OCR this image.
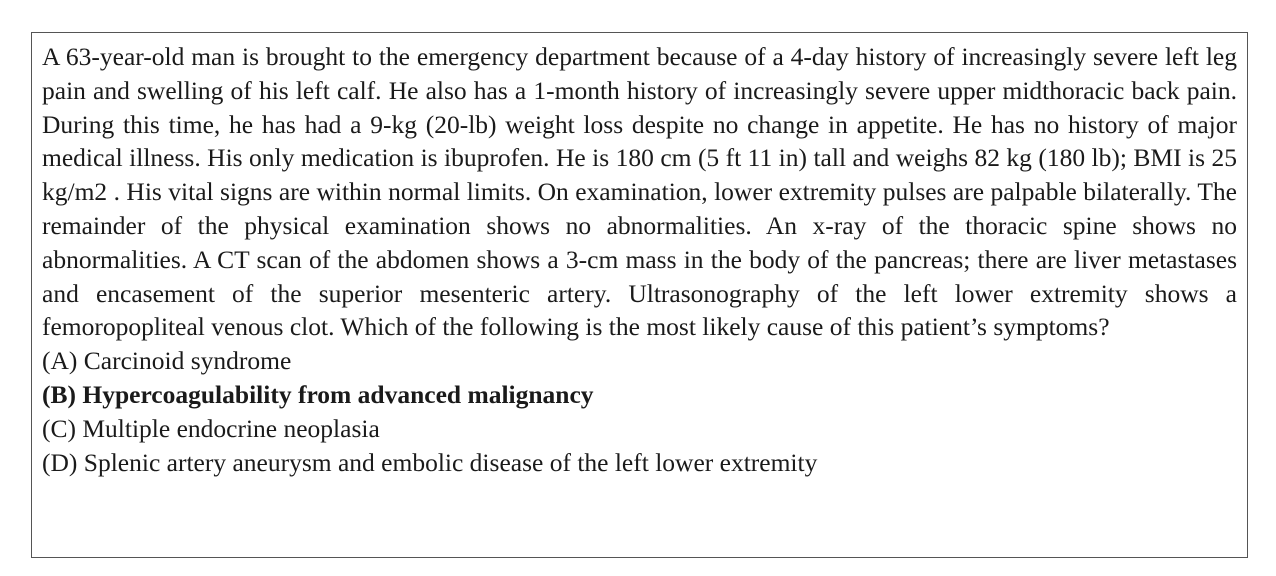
A 63-year-old man is brought to the emergency department because of a 4-day history of increasingly severe left leg pain and swelling of his left calf. He also has a 1-month history of increasingly severe upper midthoracic back pain. During this time, he has had a 9-kg (20-lb) weight loss despite no change in appetite. He has no history of major medical illness. His only medication is ibuprofen. He is 180 cm (5 ft 11 in) tall and weighs 82 kg (180 lb); BMI is 25 kg/m2 . His vital signs are within normal limits. On examination, lower extremity pulses are palpable bilaterally. The remainder of the physical examination shows no abnormalities. An x-ray of the thoracic spine shows no abnormalities. A CT scan of the abdomen shows a 3-cm mass in the body of the pancreas; there are liver metastases and encasement of the superior mesenteric artery. Ultrasonography of the left lower extremity shows a femoropopliteal venous clot. Which of the following is the most likely cause of this patient’s symptoms?

(A) Carcinoid syndrome
(B) Hypercoagulability from advanced malignancy
(C) Multiple endocrine neoplasia
(D) Splenic artery aneurysm and embolic disease of the left lower extremity
